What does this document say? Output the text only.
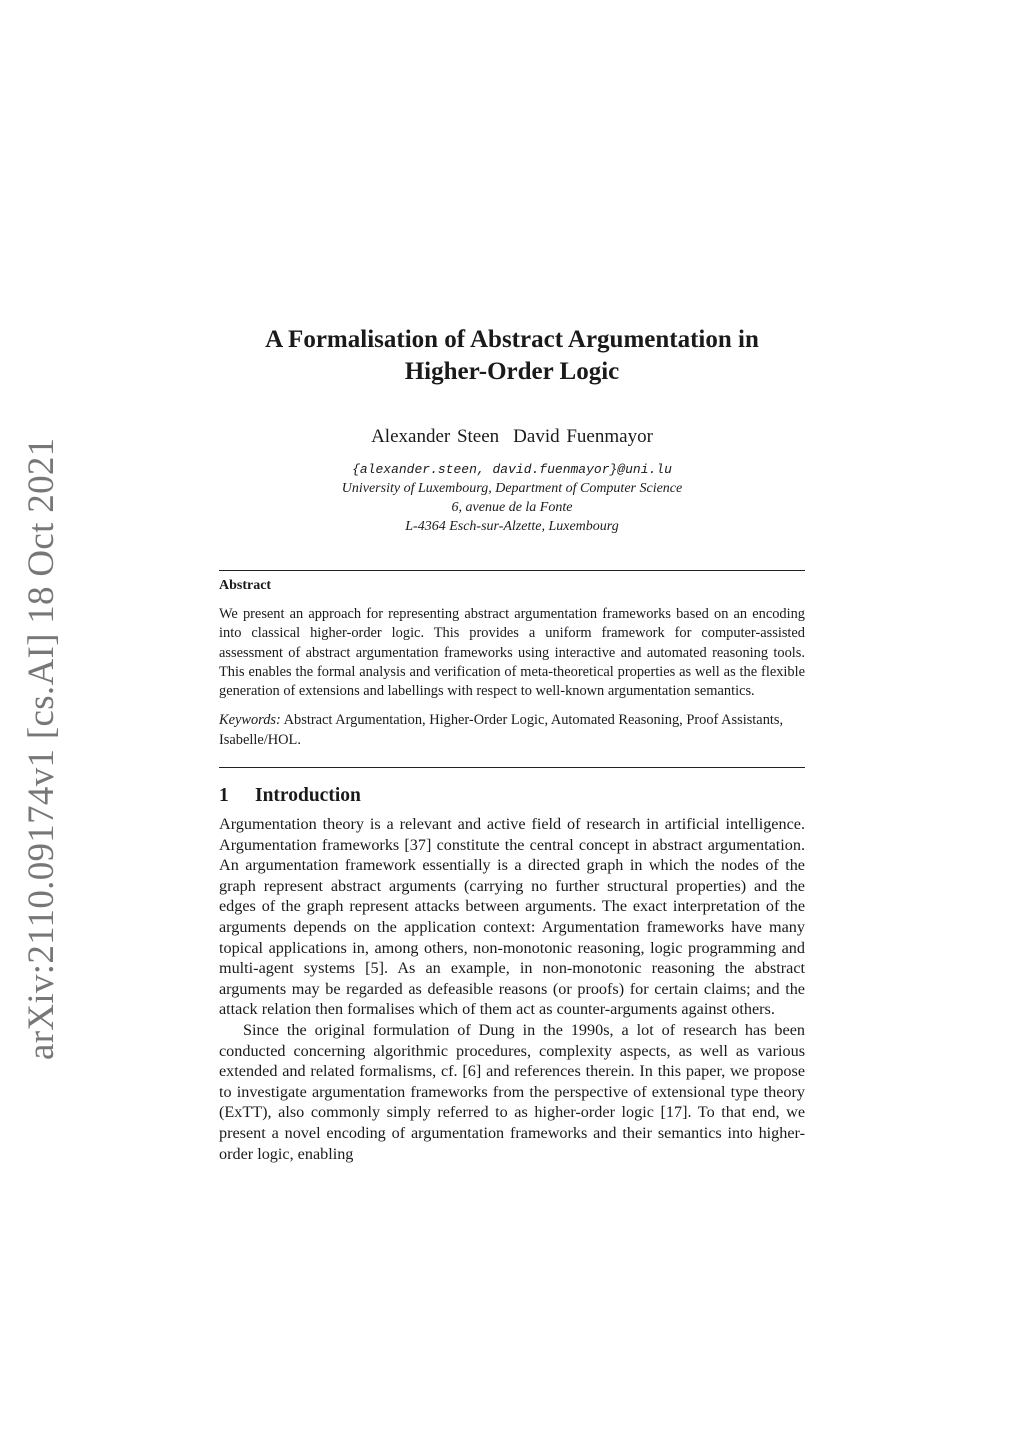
arXiv:2110.09174v1 [cs.AI] 18 Oct 2021
A Formalisation of Abstract Argumentation in
Higher-Order Logic
Alexander Steen David Fuenmayor
{alexander.steen, david.fuenmayor}@uni.lu
University of Luxembourg, Department of Computer Science
6, avenue de la Fonte
L-4364 Esch-sur-Alzette, Luxembourg
Abstract
We present an approach for representing abstract argumentation frameworks based on an encoding into classical higher-order logic. This provides a uniform framework for computer-assisted assessment of abstract argumentation frameworks using interactive and automated reasoning tools. This enables the formal analysis and verification of meta-theoretical properties as well as the flexible generation of extensions and labellings with respect to well-known argumentation semantics.
Keywords: Abstract Argumentation, Higher-Order Logic, Automated Reasoning, Proof Assistants, Isabelle/HOL.
1 Introduction

Argumentation theory is a relevant and active field of research in artificial intelligence. Argumentation frameworks [37] constitute the central concept in abstract argumentation. An argumentation framework essentially is a directed graph in which the nodes of the graph represent abstract arguments (carrying no further structural properties) and the edges of the graph represent attacks between arguments. The exact interpretation of the arguments depends on the application context: Argumentation frameworks have many topical applications in, among others, non-monotonic reasoning, logic programming and multi-agent systems [5]. As an example, in non-monotonic reasoning the abstract arguments may be regarded as defeasible reasons (or proofs) for certain claims; and the attack relation then formalises which of them act as counter-arguments against others.

Since the original formulation of Dung in the 1990s, a lot of research has been conducted concerning algorithmic procedures, complexity aspects, as well as various extended and related formalisms, cf. [6] and references therein. In this paper, we propose to investigate argumentation frameworks from the perspective of extensional type theory (ExTT), also commonly simply referred to as higher-order logic [17]. To that end, we present a novel encoding of argumentation frameworks and their semantics into higher-order logic, enabling
